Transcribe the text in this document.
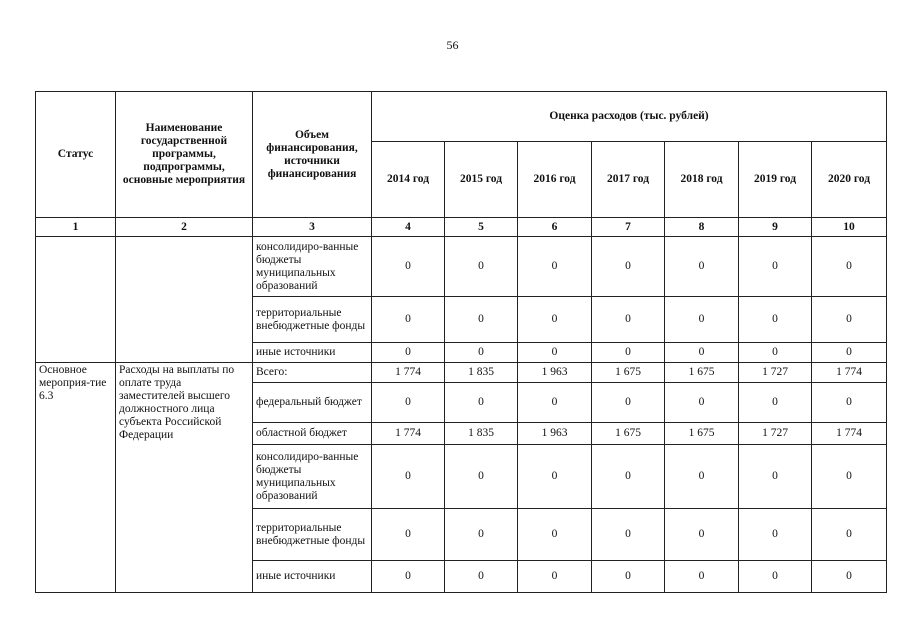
56
Статус	Наименование государственной программы, подпрограммы, основные мероприятия	Объем финансирования, источники финансирования	Оценка расходов (тыс. рублей)						
			2014 год	2015 год	2016 год	2017 год	2018 год	2019 год	2020 год
1	2	3	4	5	6	7	8	9	10
		консолидиро-ванные бюджеты муниципальных образований	0	0	0	0	0	0	0
		территориальные внебюджетные фонды	0	0	0	0	0	0	0
		иные источники	0	0	0	0	0	0	0
Основное мероприя-тие 6.3	Расходы на выплаты по оплате труда заместителей высшего должностного лица субъекта Российской Федерации	Всего:	1 774	1 835	1 963	1 675	1 675	1 727	1 774
		федеральный бюджет	0	0	0	0	0	0	0
		областной бюджет	1 774	1 835	1 963	1 675	1 675	1 727	1 774
		консолидиро-ванные бюджеты муниципальных образований	0	0	0	0	0	0	0
		территориальные внебюджетные фонды	0	0	0	0	0	0	0
		иные источники	0	0	0	0	0	0	0
